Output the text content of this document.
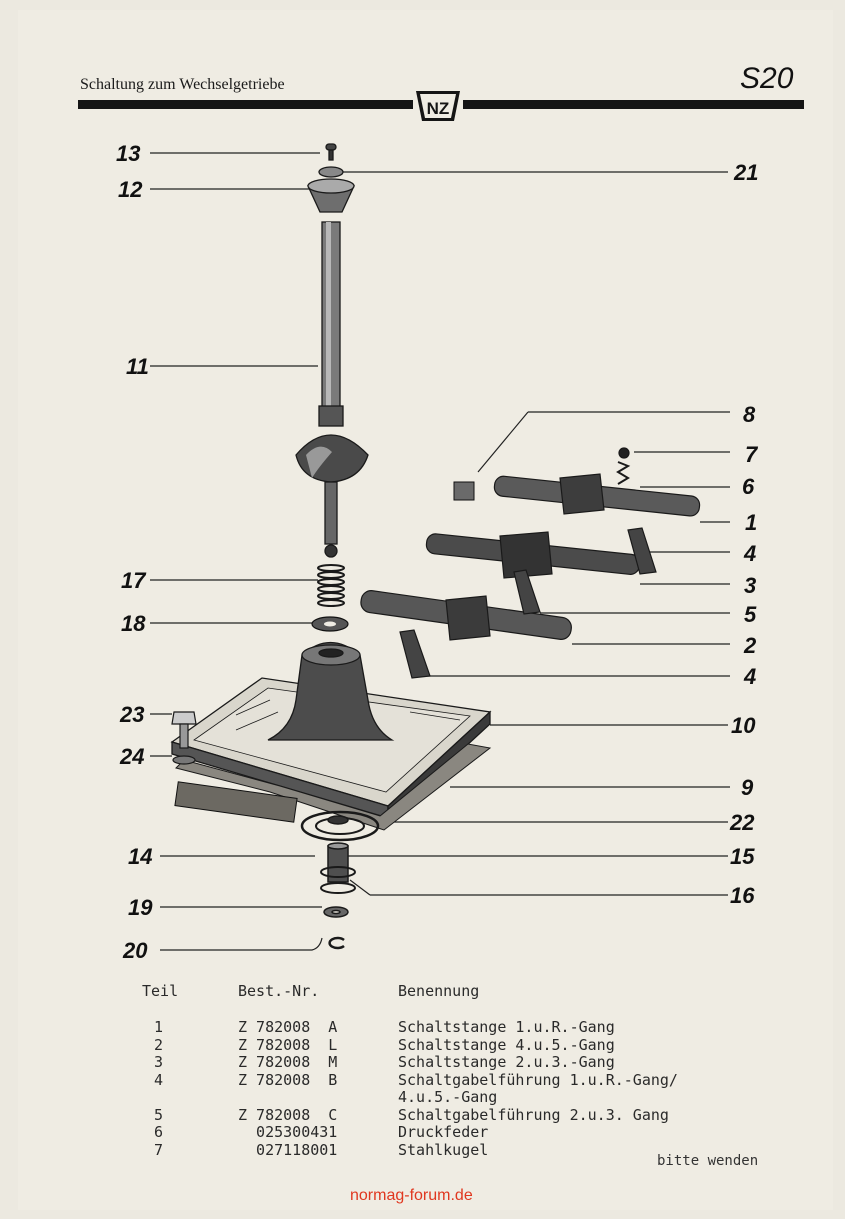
Schaltung zum Wechselgetriebe	S20
NZ
13
12
21
11
8
7
6
1
4
3
5
2
4
17
18
23
24
10
9
22
14	15
16
19
20
Teil	Best.-Nr.	Benennung
1	Z 782008  A	Schaltstange 1.u.R.-Gang
2	Z 782008  L	Schaltstange 4.u.5.-Gang
3	Z 782008  M	Schaltstange 2.u.3.-Gang
4	Z 782008  B	Schaltgabelführung 1.u.R.-Gang/
4.u.5.-Gang
5	Z 782008  C	Schaltgabelführung 2.u.3. Gang
6	025300431	Druckfeder
7	027118001	Stahlkugel
bitte wenden
normag-forum.de
